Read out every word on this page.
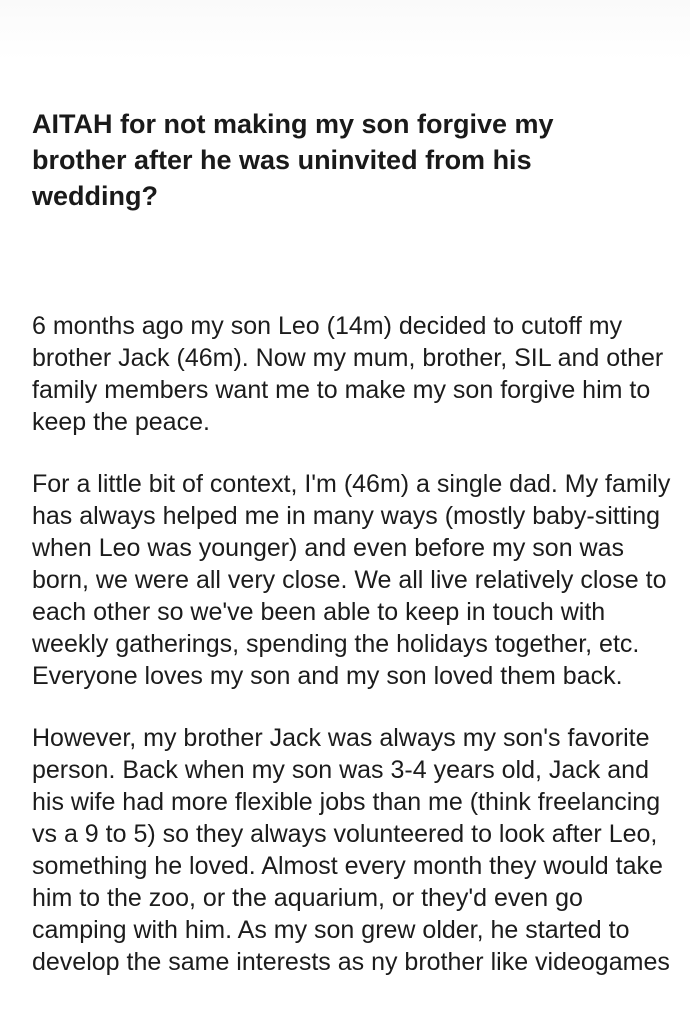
AITAH for not making my son forgive my brother after he was uninvited from his wedding?

6 months ago my son Leo (14m) decided to cutoff my brother Jack (46m). Now my mum, brother, SIL and other family members want me to make my son forgive him to keep the peace.

For a little bit of context, I'm (46m) a single dad. My family has always helped me in many ways (mostly baby-sitting when Leo was younger) and even before my son was born, we were all very close. We all live relatively close to each other so we've been able to keep in touch with weekly gatherings, spending the holidays together, etc. Everyone loves my son and my son loved them back.

However, my brother Jack was always my son's favorite person. Back when my son was 3-4 years old, Jack and his wife had more flexible jobs than me (think freelancing vs a 9 to 5) so they always volunteered to look after Leo, something he loved. Almost every month they would take him to the zoo, or the aquarium, or they'd even go camping with him. As my son grew older, he started to develop the same interests as ny brother like videogames
